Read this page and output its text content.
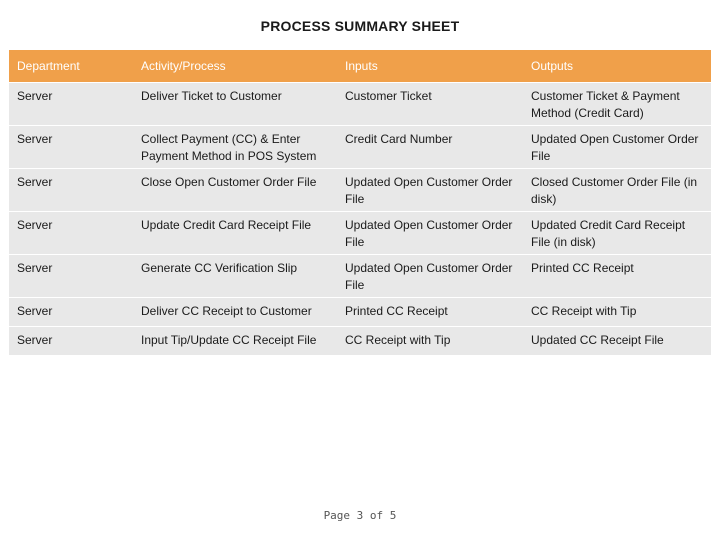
PROCESS SUMMARY SHEET
Department	Activity/Process	Inputs	Outputs
Server	Deliver Ticket to Customer	Customer Ticket	Customer Ticket & Payment Method (Credit Card)
Server	Collect Payment (CC) & Enter Payment Method in POS System	Credit Card Number	Updated Open Customer Order File
Server	Close Open Customer Order File	Updated Open Customer Order File	Closed Customer Order File (in disk)
Server	Update Credit Card Receipt File	Updated Open Customer Order File	Updated Credit Card Receipt File (in disk)
Server	Generate CC Verification Slip	Updated Open Customer Order File	Printed CC Receipt
Server	Deliver CC Receipt to Customer	Printed CC Receipt	CC Receipt with Tip
Server	Input Tip/Update CC Receipt File	CC Receipt with Tip	Updated CC Receipt File
Page 3 of 5
